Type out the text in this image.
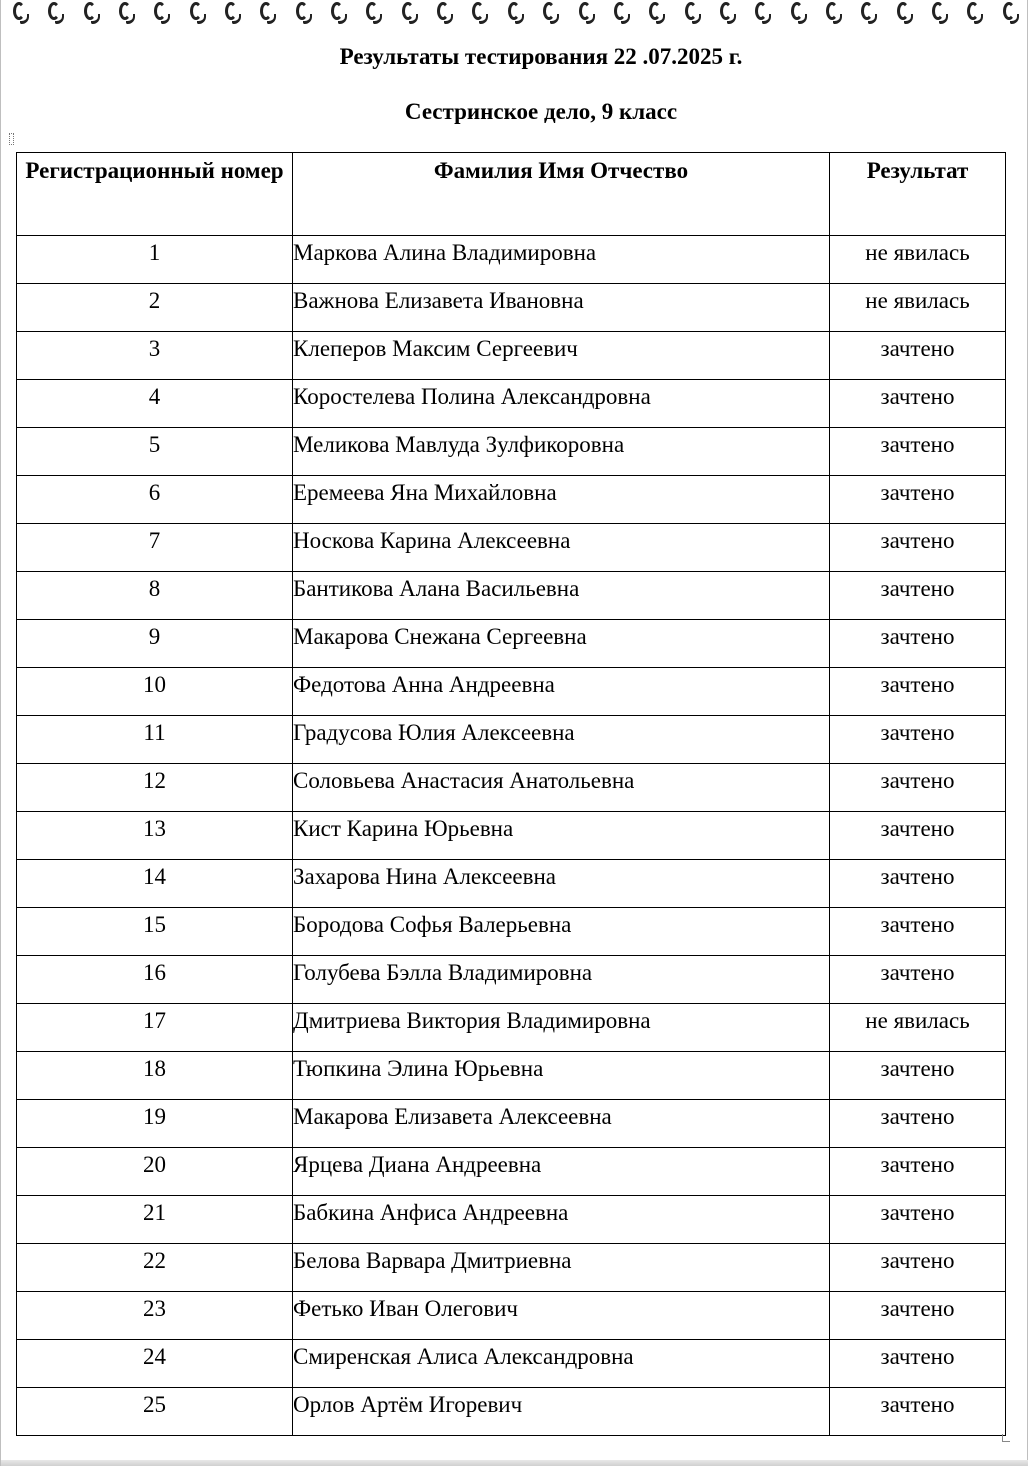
Результаты тестирования 22 .07.2025 г.
Сестринское дело, 9 класс
Регистрационный номер	Фамилия Имя Отчество	Результат
1	Маркова Алина Владимировна	не явилась
2	Важнова Елизавета Ивановна	не явилась
3	Клеперов Максим Сергеевич	зачтено
4	Коростелева Полина Александровна	зачтено
5	Меликова Мавлуда Зулфикоровна	зачтено
6	Еремеева Яна Михайловна	зачтено
7	Носкова Карина Алексеевна	зачтено
8	Бантикова Алана Васильевна	зачтено
9	Макарова Снежана Сергеевна	зачтено
10	Федотова Анна Андреевна	зачтено
11	Градусова Юлия Алексеевна	зачтено
12	Соловьева Анастасия Анатольевна	зачтено
13	Кист Карина Юрьевна	зачтено
14	Захарова Нина Алексеевна	зачтено
15	Бородова Софья Валерьевна	зачтено
16	Голубева Бэлла Владимировна	зачтено
17	Дмитриева Виктория Владимировна	не явилась
18	Тюпкина Элина Юрьевна	зачтено
19	Макарова Елизавета Алексеевна	зачтено
20	Ярцева Диана Андреевна	зачтено
21	Бабкина Анфиса Андреевна	зачтено
22	Белова Варвара Дмитриевна	зачтено
23	Фетько Иван Олегович	зачтено
24	Смиренская Алиса Александровна	зачтено
25	Орлов Артём Игоревич	зачтено
